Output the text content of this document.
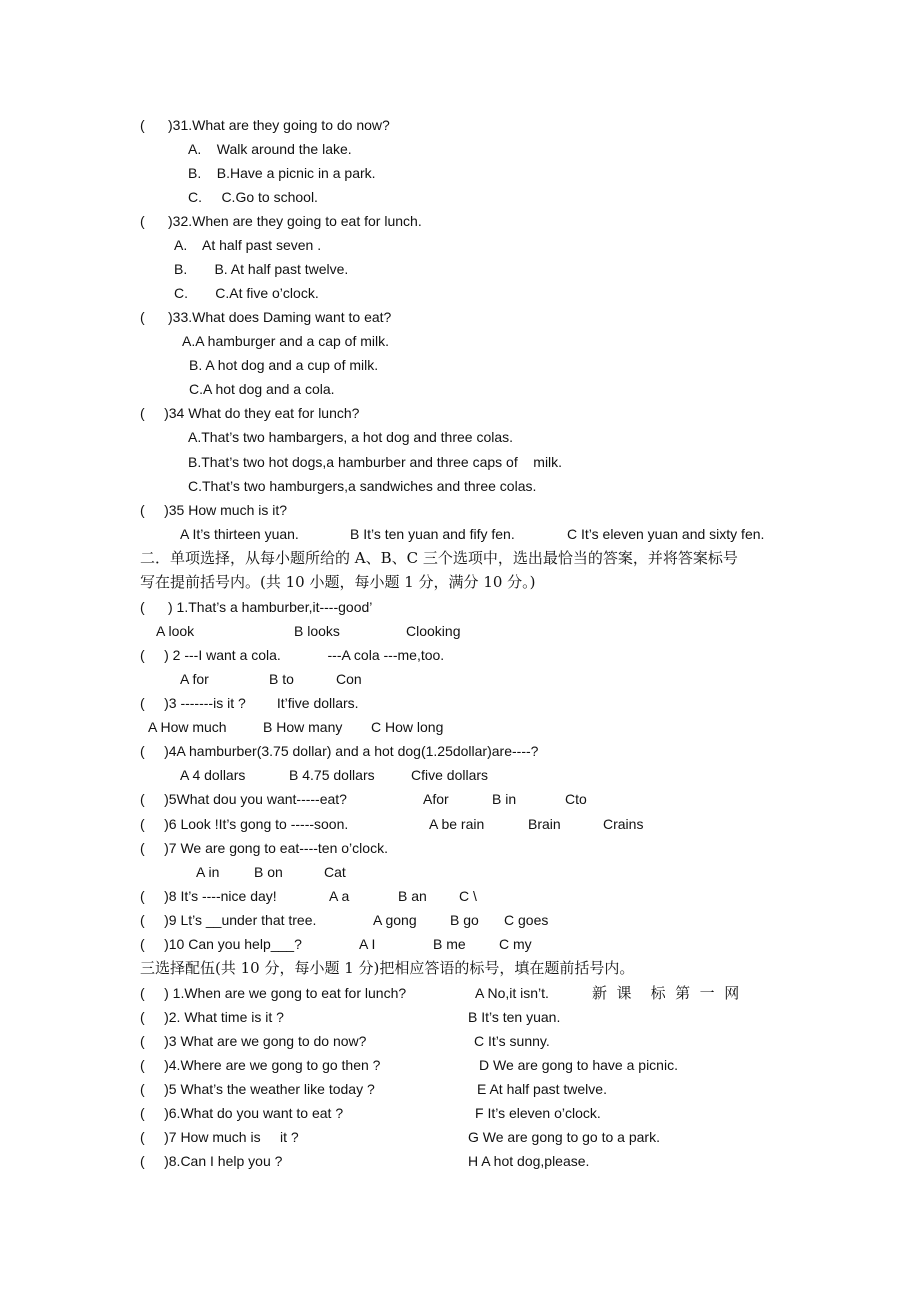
(      )31.What are they going to do now?
A.    Walk around the lake.
B.    B.Have a picnic in a park.
C.     C.Go to school.
(      )32.When are they going to eat for lunch.
A.    At half past seven .
B.       B. At half past twelve.
C.       C.At five o’clock.
(      )33.What does Daming want to eat?
A.A hamburger and a cap of milk.
B. A hot dog and a cup of milk.
C.A hot dog and a cola.
(     )34 What do they eat for lunch?
A.That’s two hambargers, a hot dog and three colas.
B.That’s two hot dogs,a hamburber and three caps of    milk.
C.That’s two hamburgers,a sandwiches and three colas.
(     )35 How much is it?
A It’s thirteen yuan.	B It’s ten yuan and fify fen.	C It’s eleven yuan and sixty fen.
二．单项选择，从每小题所给的 A、B、C 三个选项中，选出最恰当的答案，并将答案标号
写在提前括号内。(共 10 小题，每小题 1 分，满分 10 分。)
(      ) 1.That’s a hamburber,it----good’
A look	B looks	Clooking
(     ) 2 ---I want a cola.            ---A cola ---me,too.
A for	B to	Con
(     )3 -------is it ?        It’five dollars.
A How much	B How many C How long
(     )4A hamburber(3.75 dollar) and a hot dog(1.25dollar)are----?
A 4 dollars	B 4.75 dollars	Cfive dollars
(     )5What dou you want-----eat?	Afor	B in	Cto
(     )6 Look !It’s gong to -----soon.	A be rain	Brain	Crains
(     )7 We are gong to eat----ten o’clock.
A in B on	Cat
(     )8 It’s ----nice day!	A a	B an C \
(     )9 Lt’s __under that tree.	A gong B go C goes
(     )10 Can you help___?	A I	B me C my
三选择配伍(共 10 分，每小题 1 分)把相应答语的标号，填在题前括号内。
(     ) 1.When are we gong to eat for lunch?	A No,it isn’t.	新  课    标  第  一  网
(     )2. What time is it ?	B It’s ten yuan.
(     )3 What are we gong to do now?	C It’s sunny.
(     )4.Where are we gong to go then ?	D We are gong to have a picnic.
(     )5 What’s the weather like today ?	E At half past twelve.
(     )6.What do you want to eat ?	F It’s eleven o’clock.
(     )7 How much is     it ?	G We are gong to go to a park.
(     )8.Can I help you ?	H A hot dog,please.
